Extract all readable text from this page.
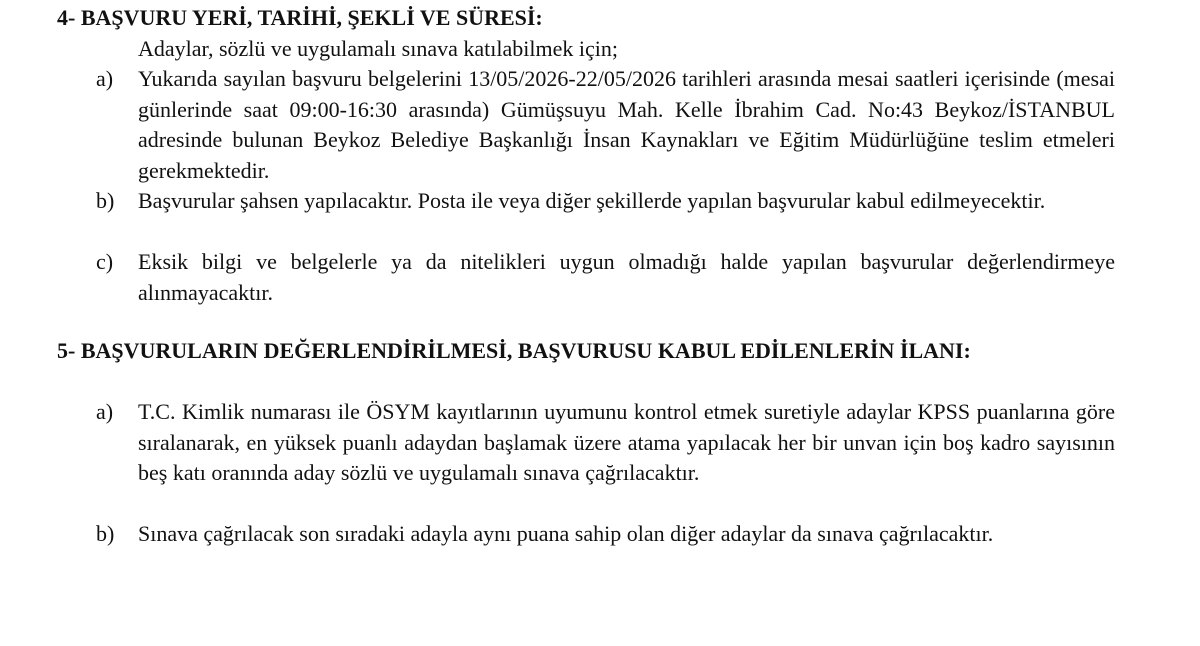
4- BAŞVURU YERİ, TARİHİ, ŞEKLİ VE SÜRESİ:
Adaylar, sözlü ve uygulamalı sınava katılabilmek için;
a)	Yukarıda sayılan başvuru belgelerini 13/05/2026-22/05/2026 tarihleri arasında mesai saatleri içerisinde (mesai günlerinde saat 09:00-16:30 arasında) Gümüşsuyu Mah. Kelle İbrahim Cad. No:43 Beykoz/İSTANBUL adresinde bulunan Beykoz Belediye Başkanlığı İnsan Kaynakları ve Eğitim Müdürlüğüne teslim etmeleri gerekmektedir.
b)	Başvurular şahsen yapılacaktır. Posta ile veya diğer şekillerde yapılan başvurular kabul edilmeyecektir.
c)	Eksik bilgi ve belgelerle ya da nitelikleri uygun olmadığı halde yapılan başvurular değerlendirmeye alınmayacaktır.
5- BAŞVURULARIN DEĞERLENDİRİLMESİ, BAŞVURUSU KABUL EDİLENLERİN İLANI:
a)	T.C. Kimlik numarası ile ÖSYM kayıtlarının uyumunu kontrol etmek suretiyle adaylar KPSS puanlarına göre sıralanarak, en yüksek puanlı adaydan başlamak üzere atama yapılacak her bir unvan için boş kadro sayısının beş katı oranında aday sözlü ve uygulamalı sınava çağrılacaktır.
b)	Sınava çağrılacak son sıradaki adayla aynı puana sahip olan diğer adaylar da sınava çağrılacaktır.
